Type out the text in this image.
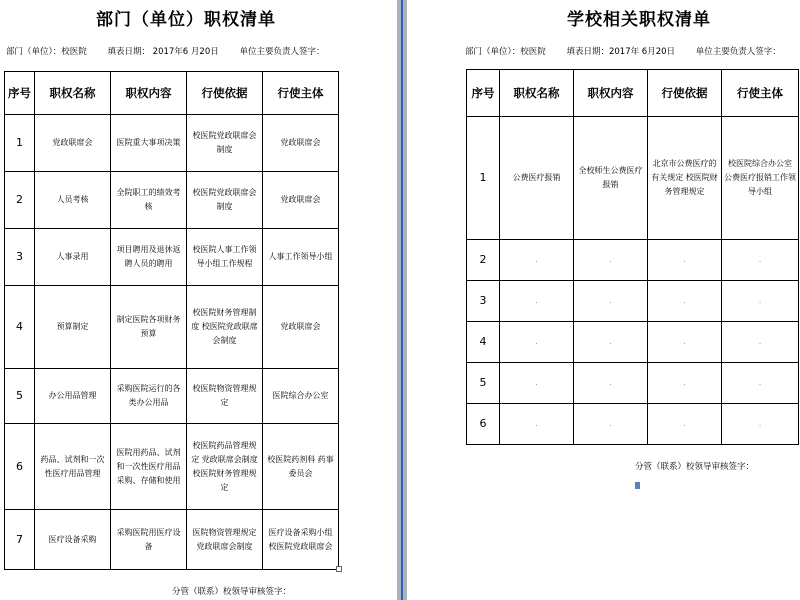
部门（单位）职权清单
部门（单位）：校医院 填表日期： 2017年6 月20日 单位主要负责人签字：
序号	职权名称	职权内容	行使依据	行使主体
1	党政联席会	医院重大事项决策	校医院党政联席会制度	党政联席会
2	人员考核	全院职工的绩效考核	校医院党政联席会制度	党政联席会
3	人事录用	项目聘用及退休返聘人员的聘用	校医院人事工作领导小组工作规程	人事工作领导小组
4	预算制定	制定医院各项财务预算	校医院财务管理制度 校医院党政联席会制度	党政联席会
5	办公用品管理	采购医院运行的各类办公用品	校医院物资管理规定	医院综合办公室
6	药品、试剂和一次性医疗用品管理	医院用药品、试剂和一次性医疗用品采购、存储和使用	校医院药品管理规定 党政联席会制度 校医院财务管理规定	校医院药剂科 药事委员会
7	医疗设备采购	采购医院用医疗设备	医院物资管理规定 党政联席会制度	医疗设备采购小组 校医院党政联席会
分管（联系）校领导审核签字：
学校相关职权清单
部门（单位）：校医院 填表日期：2017年 6月20日 单位主要负责人签字：
序号	职权名称	职权内容	行使依据	行使主体
1	公费医疗报销	全校师生公费医疗报销	北京市公费医疗的有关规定 校医院财务管理规定	校医院综合办公室 公费医疗报销工作领导小组
2	.	.	.	.
3	.	.	.	.
4	.	.	.	.
5	.	.	.	.
6	.	.	.	.
分管（联系）校领导审核签字：
